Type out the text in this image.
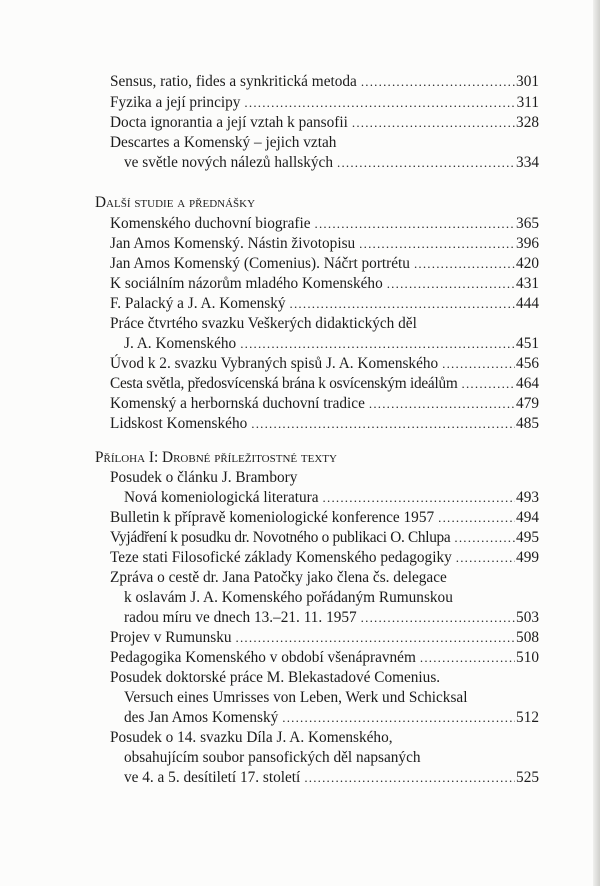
Sensus, ratio, fides a synkritická metoda .....	301
Fyzika a její principy .....	311
Docta ignorantia a její vztah k pansofii .....	328
Descartes a Komenský – jejich vztah
ve světle nových nálezů hallských .....	334
Další studie a přednášky
Komenského duchovní biografie .....	365
Jan Amos Komenský. Nástin životopisu .....	396
Jan Amos Komenský (Comenius). Náčrt portrétu .....	420
K sociálním názorům mladého Komenského .....	431
F. Palacký a J. A. Komenský .....	444
Práce čtvrtého svazku Veškerých didaktických děl
J. A. Komenského .....	451
Úvod k 2. svazku Vybraných spisů J. A. Komenského .....	456
Cesta světla, předosvícenská brána k osvícenským ideálům .....	464
Komenský a herbornská duchovní tradice .....	479
Lidskost Komenského .....	485
Příloha I: Drobné příležitostné texty
Posudek o článku J. Brambory
Nová komeniologická literatura .....	493
Bulletin k přípravě komeniologické konference 1957 .....	494
Vyjádření k posudku dr. Novotného o publikaci O. Chlupa .....	495
Teze stati Filosofické základy Komenského pedagogiky .....	499
Zpráva o cestě dr. Jana Patočky jako člena čs. delegace
k oslavám J. A. Komenského pořádaným Rumunskou
radou míru ve dnech 13.–21. 11. 1957 .....	503
Projev v Rumunsku .....	508
Pedagogika Komenského v období všenápravném .....	510
Posudek doktorské práce M. Blekastadové Comenius.
Versuch eines Umrisses von Leben, Werk und Schicksal
des Jan Amos Komenský .....	512
Posudek o 14. svazku Díla J. A. Komenského,
obsahujícím soubor pansofických děl napsaných
ve 4. a 5. desítiletí 17. století .....	525
